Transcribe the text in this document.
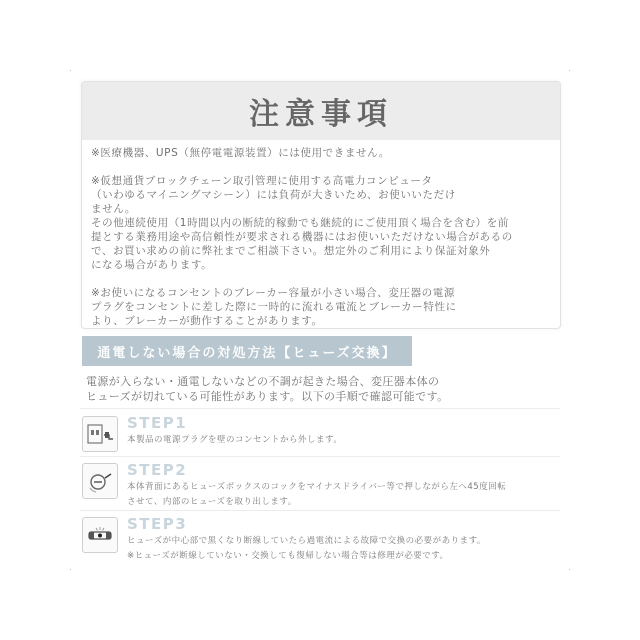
注意事項

※医療機器、UPS（無停電電源装置）には使用できません。

※仮想通貨ブロックチェーン取引管理に使用する高電力コンピュータ
（いわゆるマイニングマシーン）には負荷が大きいため、お使いいただけ
ません。

その他連続使用（1時間以内の断続的稼動でも継続的にご使用頂く場合を含む）を前
提とする業務用途や高信頼性が要求される機器にはお使いいただけない場合があるの
で、お買い求めの前に弊社までご相談下さい。想定外のご利用により保証対象外
になる場合があります。

※お使いになるコンセントのブレーカー容量が小さい場合、変圧器の電源
プラグをコンセントに差した際に一時的に流れる電流とブレーカー特性に
より、ブレーカーが動作することがあります。

通電しない場合の対処方法【ヒューズ交換】
電源が入らない・通電しないなどの不調が起きた場合、変圧器本体の
ヒューズが切れている可能性があります。以下の手順で確認可能です。
STEP1
本製品の電源プラグを壁のコンセントから外します。
STEP2
本体背面にあるヒューズボックスのコックをマイナスドライバー等で押しながら左へ45度回転
させて、内部のヒューズを取り出します。
STEP3
ヒューズが中心部で黒くなり断線していたら過電流による故障で交換の必要があります。
※ヒューズが断線していない・交換しても復帰しない場合等は修理が必要です。
